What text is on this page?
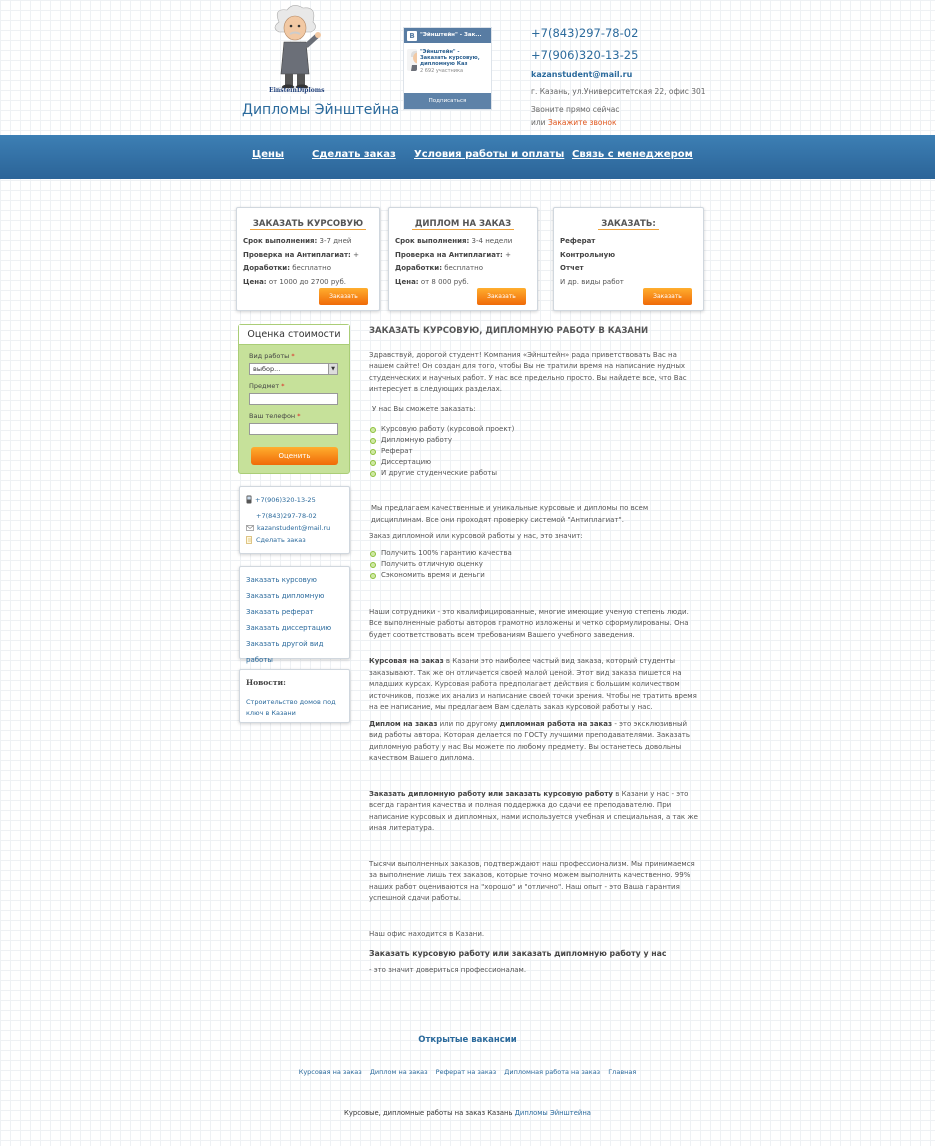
EinsteinDiploms
Дипломы Эйнштейна
В "Эйнштейн" - Зак...
"Эйнштейн" - Заказать курсовую, дипломную Каз
2 692 участника
Подписаться
+7(843)297-78-02
+7(906)320-13-25
kazanstudent@mail.ru
г. Казань, ул.Университетская 22, офис 301
Звоните прямо сейчас
или Закажите звонок
Цены	Сделать заказ Условия работы и оплаты Связь с менеджером
ЗАКАЗАТЬ КУРСОВУЮ
Срок выполнения: 3-7 дней
Проверка на Антиплагиат: +
Доработки: бесплатно
Цена: от 1000 до 2700 руб.
Заказать
ДИПЛОМ НА ЗАКАЗ
Срок выполнения: 3-4 недели
Проверка на Антиплагиат: +
Доработки: бесплатно
Цена: от 8 000 руб.
Заказать
ЗАКАЗАТЬ:
Реферат
Контрольную
Отчет
И др. виды работ
Заказать
Оценка стоимости
Вид работы *
выбор...	▼
Предмет *
Ваш телефон *
Оценить
+7(906)320-13-25
+7(843)297-78-02
kazanstudent@mail.ru
Сделать заказ
Заказать курсовую
Заказать дипломную
Заказать реферат
Заказать диссертацию
Заказать другой вид работы
Новости:
Строительство домов под ключ в Казани
ЗАКАЗАТЬ КУРСОВУЮ, ДИПЛОМНУЮ РАБОТУ В КАЗАНИ

Здравствуй, дорогой студент! Компания «Эйнштейн» рада приветствовать Вас на нашем сайте! Он создан для того, чтобы Вы не тратили время на написание нудных студенческих и научных работ. У нас все предельно просто. Вы найдете все, что Вас интересует в следующих разделах.

У нас Вы сможете заказать:

Курсовую работу (курсовой проект)
Дипломную работу
Реферат
Диссертацию
И другие студенческие работы

Мы предлагаем качественные и уникальные курсовые и дипломы по всем дисциплинам. Все они проходят проверку системой "Антиплагиат".

Заказ дипломной или курсовой работы у нас, это значит:

Получить 100% гарантию качества
Получить отличную оценку
Сэкономить время и деньги

Наши сотрудники - это квалифицированные, многие имеющие ученую степень люди. Все выполненные работы авторов грамотно изложены и четко сформулированы. Она будет соответствовать всем требованиям Вашего учебного заведения.

Курсовая на заказ в Казани это наиболее частый вид заказа, который студенты заказывают. Так же он отличается своей малой ценой. Этот вид заказа пишется на младших курсах. Курсовая работа предполагает действия с большим количеством источников, позже их анализ и написание своей точки зрения. Чтобы не тратить время на ее написание, мы предлагаем Вам сделать заказ курсовой работы у нас.

Диплом на заказ или по другому дипломная работа на заказ - это эксклюзивный вид работы автора. Которая делается по ГОСТу лучшими преподавателями. Заказать дипломную работу у нас Вы можете по любому предмету. Вы останетесь довольны качеством Вашего диплома.

Заказать дипломную работу или заказать курсовую работу в Казани у нас - это всегда гарантия качества и полная поддержка до сдачи ее преподавателю. При написание курсовых и дипломных, нами используется учебная и специальная, а так же иная литература.

Тысячи выполненных заказов, подтверждают наш профессионализм. Мы принимаемся за выполнение лишь тех заказов, которые точно можем выполнить качественно. 99% наших работ оцениваются на "хорошо" и "отлично". Наш опыт - это Ваша гарантия успешной сдачи работы.

Наш офис находится в Казани.

Заказать курсовую работу или заказать дипломную работу у нас

- это значит довериться профессионалам.

Открытые вакансии
Курсовая на заказ Диплом на заказ Реферат на заказ Дипломная работа на заказ Главная
Курсовые, дипломные работы на заказ Казань Дипломы Эйнштейна
